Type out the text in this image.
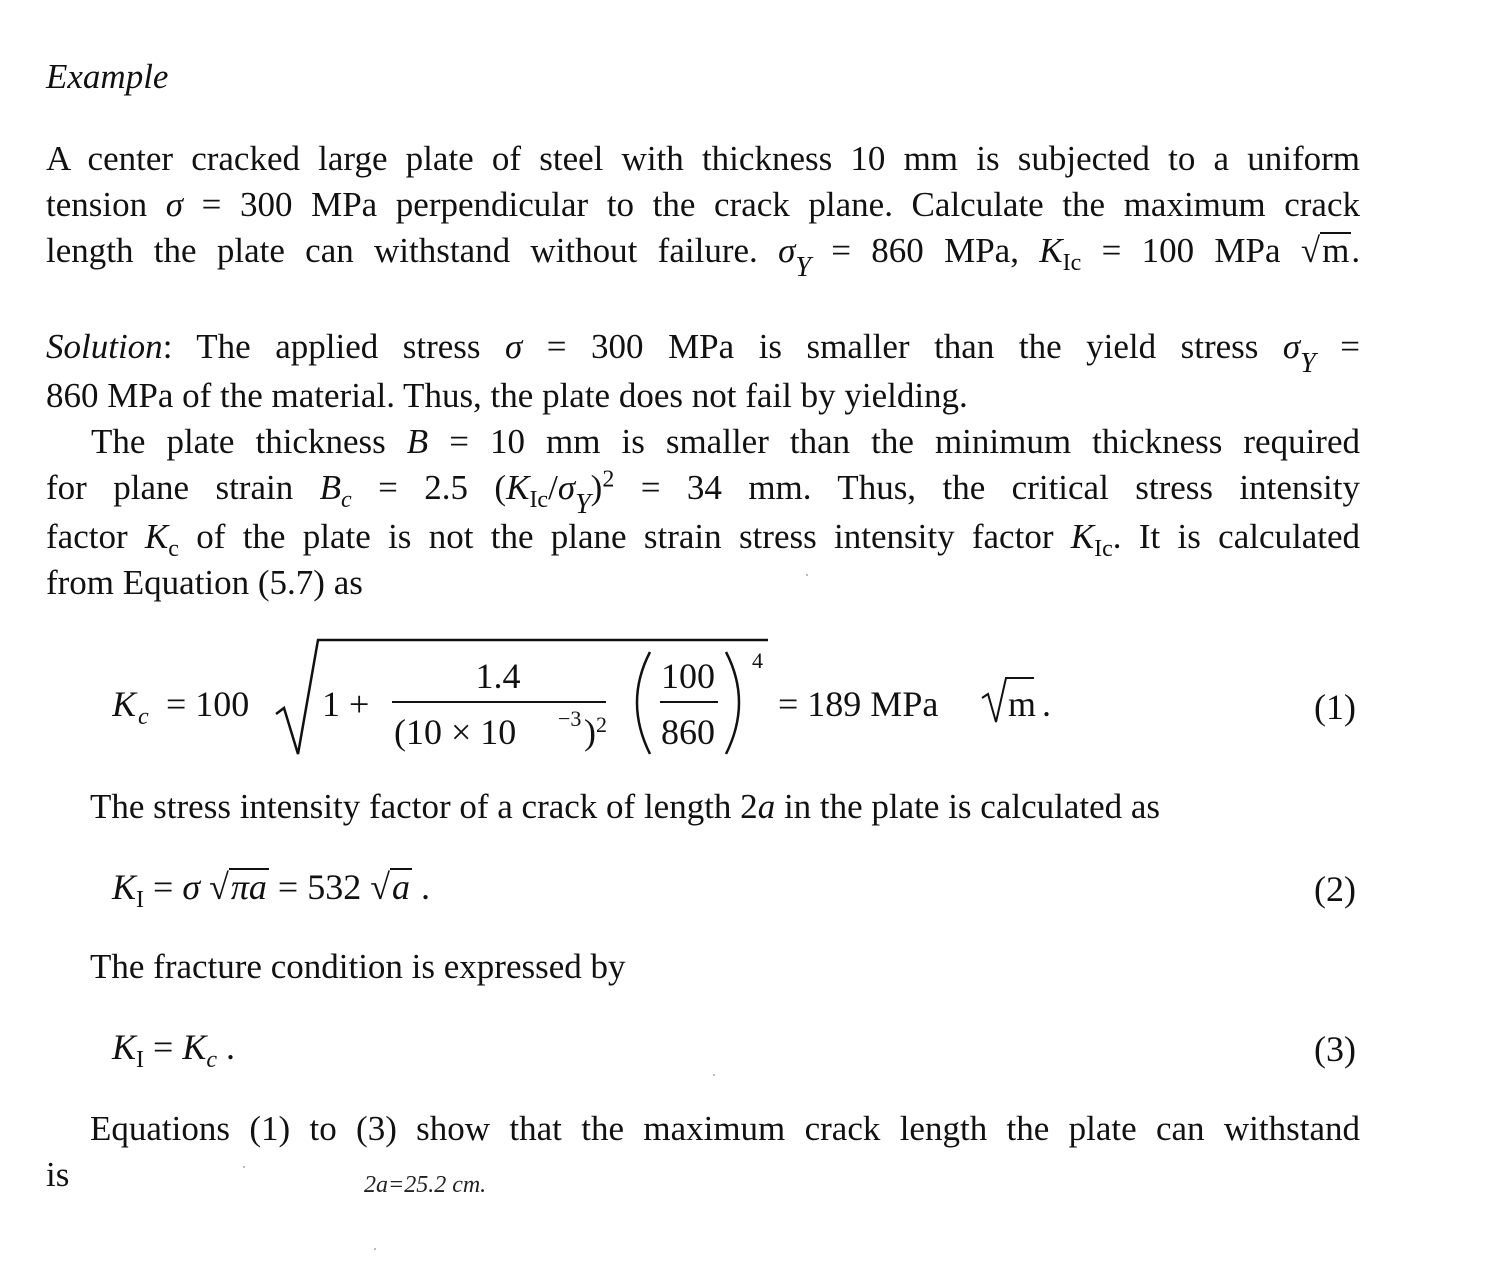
Example
A center cracked large plate of steel with thickness 10 mm is subjected to a uniform
tension σ = 300 MPa perpendicular to the crack plane. Calculate the maximum crack
length the plate can withstand without failure. $\sigma_Y = 860$ MPa, $K_{Ic} = 100$ MPa √m.
Solution: The applied stress σ = 300 MPa is smaller than the yield stress $\sigma_Y$ =
860 MPa of the material. Thus, the plate does not fail by yielding.
The plate thickness B = 10 mm is smaller than the minimum thickness required
for plane strain $B_c = 2.5$ $(K_{Ic}/\sigma_Y)^2 = 34$ mm. Thus, the critical stress intensity
factor $K_c$ of the plate is not the plane strain stress intensity factor $K_{Ic}$. It is calculated
from Equation (5.7) as
K c = 100 1 +
1.4
(10 × 10 −3 ) 2
100
860
4
= 189 MPa m .	(1)
The stress intensity factor of a crack of length 2a in the plate is calculated as
$K_I = \sigma$ √πa = 532 √a .	(2)
The fracture condition is expressed by
$K_I = K_c$ .	(3)
Equations (1) to (3) show that the maximum crack length the plate can withstand
is	2a=25.2 cm.
